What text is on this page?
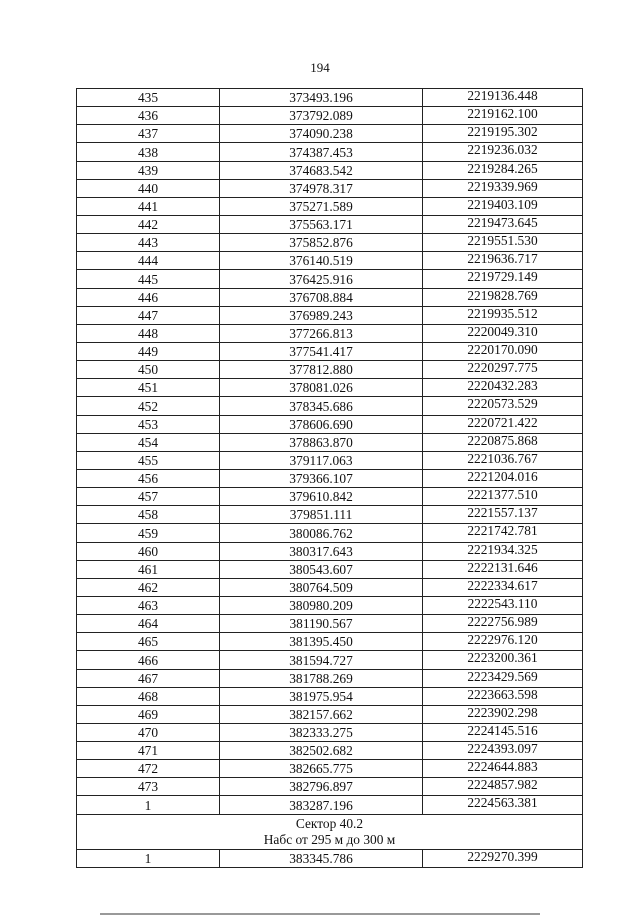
194
435	373493.196	2219136.448
436	373792.089	2219162.100
437	374090.238	2219195.302
438	374387.453	2219236.032
439	374683.542	2219284.265
440	374978.317	2219339.969
441	375271.589	2219403.109
442	375563.171	2219473.645
443	375852.876	2219551.530
444	376140.519	2219636.717
445	376425.916	2219729.149
446	376708.884	2219828.769
447	376989.243	2219935.512
448	377266.813	2220049.310
449	377541.417	2220170.090
450	377812.880	2220297.775
451	378081.026	2220432.283
452	378345.686	2220573.529
453	378606.690	2220721.422
454	378863.870	2220875.868
455	379117.063	2221036.767
456	379366.107	2221204.016
457	379610.842	2221377.510
458	379851.111	2221557.137
459	380086.762	2221742.781
460	380317.643	2221934.325
461	380543.607	2222131.646
462	380764.509	2222334.617
463	380980.209	2222543.110
464	381190.567	2222756.989
465	381395.450	2222976.120
466	381594.727	2223200.361
467	381788.269	2223429.569
468	381975.954	2223663.598
469	382157.662	2223902.298
470	382333.275	2224145.516
471	382502.682	2224393.097
472	382665.775	2224644.883
473	382796.897	2224857.982
1	383287.196	2224563.381

Сектор 40.2
Набс от 295 м до 300 м		

1	383345.786	2229270.399
